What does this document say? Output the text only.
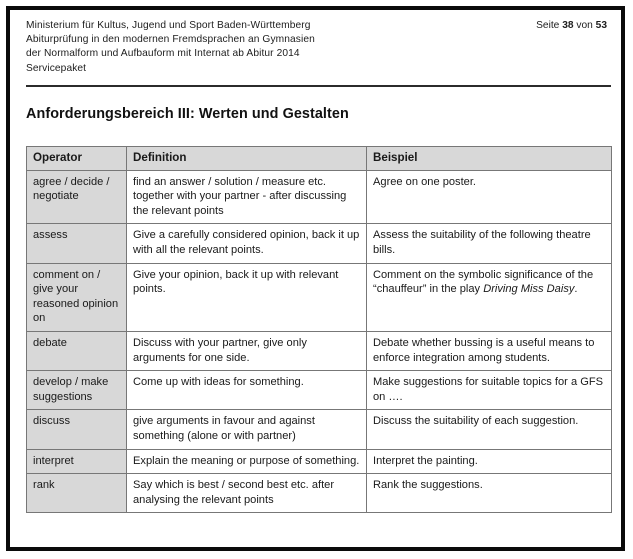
Ministerium für Kultus, Jugend und Sport Baden-Württemberg
Abiturprüfung in den modernen Fremdsprachen an Gymnasien
der Normalform und Aufbauform mit Internat ab Abitur 2014
Servicepaket
Seite 38 von 53
Anforderungsbereich III: Werten und Gestalten
Operator	Definition	Beispiel
agree / decide / negotiate	find an answer / solution / measure etc. together with your partner - after discussing the relevant points	Agree on one poster.
assess	Give a carefully considered opinion, back it up with all the relevant points.	Assess the suitability of the following theatre bills.
comment on / give your reasoned opinion on	Give your opinion, back it up with relevant points.	Comment on the symbolic significance of the “chauffeur” in the play Driving Miss Daisy.
debate	Discuss with your partner, give only arguments for one side.	Debate whether bussing is a useful means to enforce integration among students.
develop / make suggestions	Come up with ideas for something.	Make suggestions for suitable topics for a GFS on ….
discuss	give arguments in favour and against something (alone or with partner)	Discuss the suitability of each suggestion.
interpret	Explain the meaning or purpose of something.	Interpret the painting.
rank	Say which is best / second best etc. after analysing the relevant points	Rank the suggestions.
